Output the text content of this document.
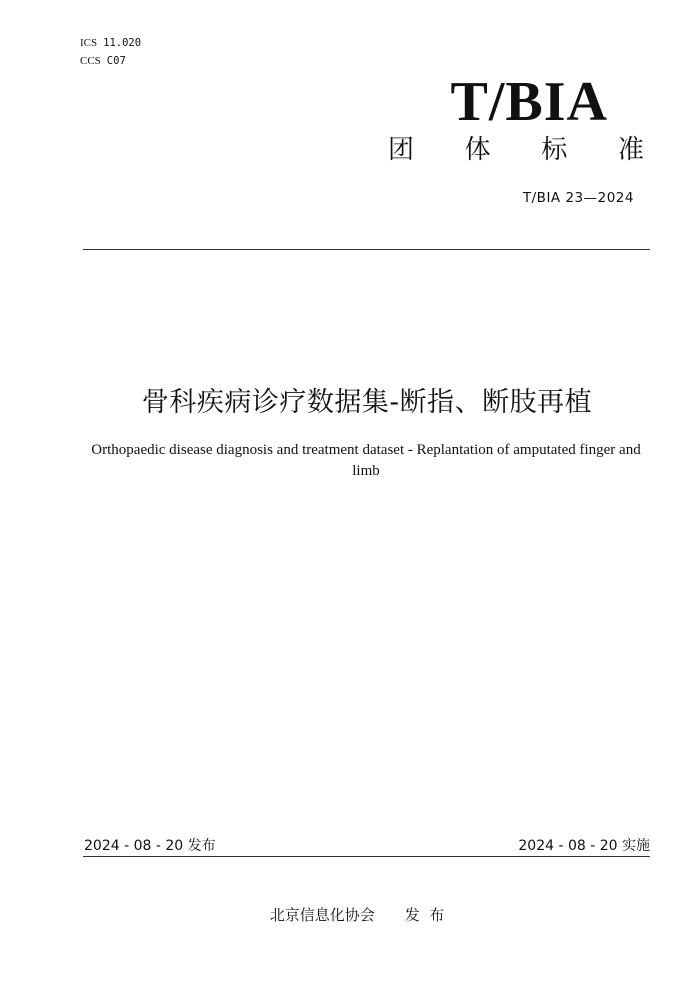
ICS 11.020
CCS C07
T/BIA
团 体 标 准
T/BIA 23—2024
骨科疾病诊疗数据集-断指、断肢再植
Orthopaedic disease diagnosis and treatment dataset - Replantation of amputated finger and limb
2024 - 08 - 20 发布	2024 - 08 - 20 实施
北京信息化协会 发  布
